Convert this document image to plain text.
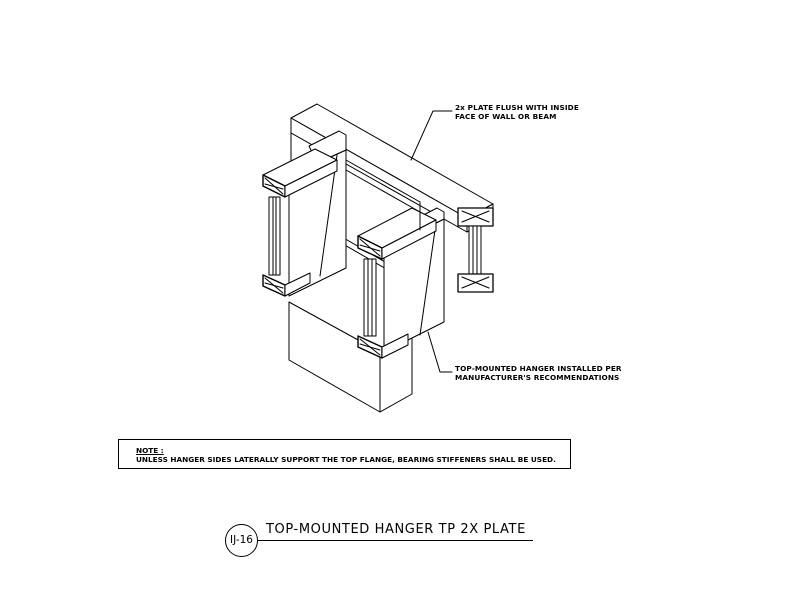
2x PLATE FLUSH WITH INSIDE
FACE OF WALL OR BEAM
TOP-MOUNTED HANGER INSTALLED PER
MANUFACTURER'S RECOMMENDATIONS
NOTE :
UNLESS HANGER SIDES LATERALLY SUPPORT THE TOP FLANGE, BEARING STIFFENERS SHALL BE USED.
IJ-16
TOP-MOUNTED HANGER TP 2X PLATE
